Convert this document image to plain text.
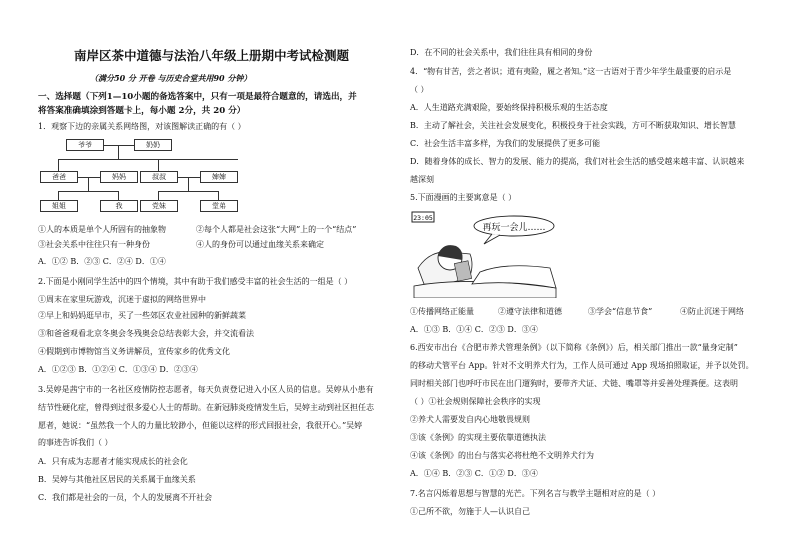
南岸区茶中道德与法治八年级上册期中考试检测题
（满分50 分 开卷 与历史合堂共用90 分钟）
一、选择题（下列1—10小题的备选答案中，只有一项是最符合题意的，请选出，并
将答案准确填涂到答题卡上，每小题 2分，共 20 分）
1．观察下边的亲属关系网络图，对该图解读正确的有（ ）
爷爷	奶奶
爸爸	妈妈	叔叔	婶婶
姐姐	我	党妹	堂弟
①人的本质是单个人所固有的抽象物	②每个人都是社会这张“大网”上的一个“结点”
③社会关系中往往只有一种身份	④人的身份可以通过血缘关系来确定
A．①② B．②③ C．②④ D．①④
2.下面是小刚同学生活中的四个情境，其中有助于我们感受丰富的社会生活的一组是（ ）
①周末在家里玩游戏，沉迷于虚拟的网络世界中
②早上和妈妈逛早市，买了一些郊区农业社园种的新鲜蔬菜
③和爸爸观看北京冬奥会冬残奥会总结表彰大会，并交流看法
④假期到市博物馆当义务讲解员，宣传家乡的优秀文化
A．①②③ B．①②④ C．①③④ D．②③④
3.吴婷是茜宁市的一名社区疫情防控志愿者，每天负责登记进入小区人员的信息。吴婷从小患有
结节性硬化症，曾得到过很多爱心人士的帮助。在新冠肺炎疫情发生后，吴婷主动到社区担任志
愿者，她说：“虽然我一个人的力量比较渺小，但能以这样的形式回报社会，我很开心。”吴婷
的事迹告诉我们（ ）
A．只有成为志愿者才能实现成长的社会化
B．吴婷与其他社区居民的关系属于血缘关系
C．我们都是社会的一员，个人的发展离不开社会
D．在不同的社会关系中，我们往往具有相同的身份
4．“物有甘苦，尝之者识；道有夷险，履之者知。”这一古语对于青少年学生最重要的启示是
（ ）
A．人生道路充满艰险，要始终保持积极乐观的生活态度
B．主动了解社会，关注社会发展变化，积极投身于社会实践，方可不断获取知识、增长智慧
C．社会生活丰富多样，为我们的发展提供了更多可能
D．随着身体的成长、智力的发展、能力的提高，我们对社会生活的感受越来越丰富、认识越来
越深刻
5.下面漫画的主要寓意是（ ）
23:05
再玩一会儿……
①传播网络正能量	②遵守法律和道德	③学会“信息节食”	④防止沉迷于网络
A．①③ B．①④ C．②③ D．③④
6.西安市出台《合肥市养犬管理条例》（以下简称《条例》）后，相关部门推出一款“量身定制”
的移动犬管平台 App。针对不文明养犬行为，工作人员可通过 App 现场拍照取证，并予以处罚。
同时相关部门也呼吁市民在出门遛狗时，要带齐犬证、犬链、嘴罩等并妥善处理粪便。这表明
（ ）①社会规则保障社会秩序的实现
②养犬人需要发自内心地敬畏规则
③该《条例》的实现主要依靠道德执法
④该《条例》的出台与落实必将杜绝不文明养犬行为
A．①④ B．②③ C．①② D．③④
7.名言闪烁着思想与智慧的光芒。下列名言与教学主题相对应的是（ ）
①己所不欲，勿施于人—认识自己
